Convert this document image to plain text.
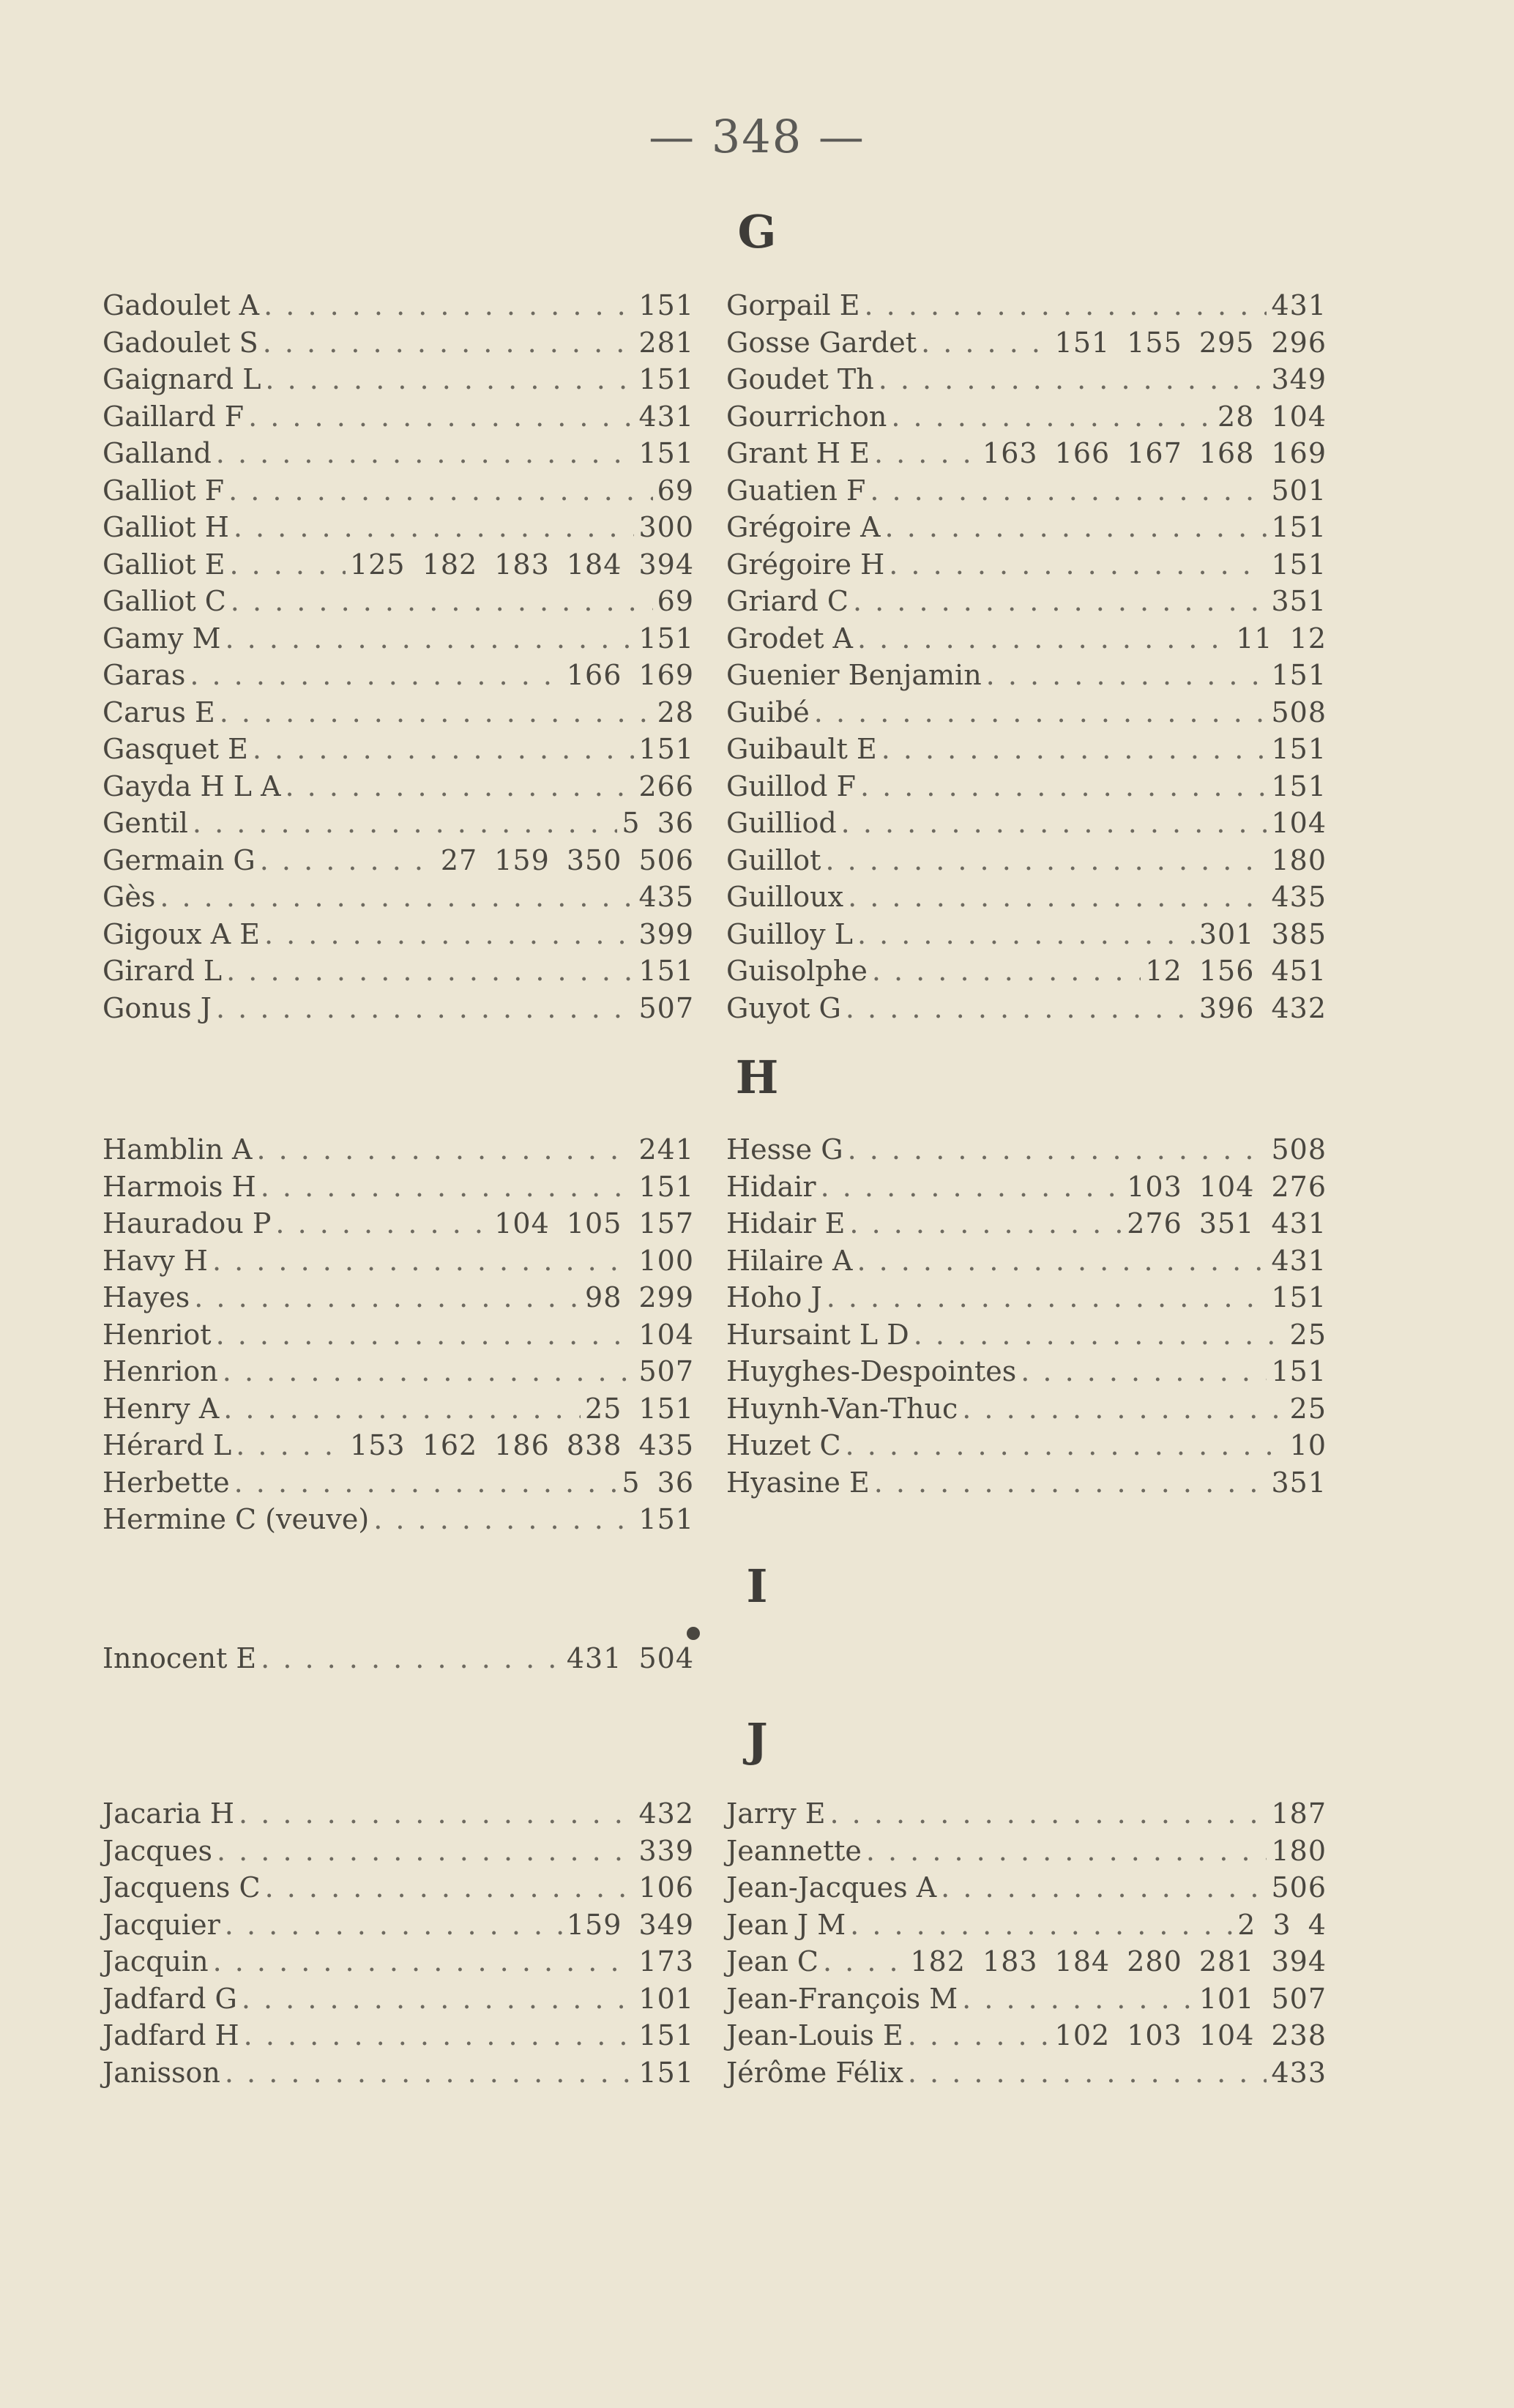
— 348 —
G
Gadoulet A . . .	151
Gadoulet S . . .	281
Gaignard L . . .	151
Gaillard F . . .	431
Galland . . .	151
Galliot F . . .	69
Galliot H . . .	300
Galliot E . . .	125 182 183 184 394
Galliot C . . .	69
Gamy M . . .	151
Garas . . .	166 169
Carus E . . .	28
Gasquet E . . .	151
Gayda H L A . . .	266
Gentil . . .	5 36
Germain G . . .	27 159 350 506
Gès . . .	435
Gigoux A E . . .	399
Girard L . . .	151
Gonus J . . .	507
Gorpail E . . .	431
Gosse Gardet . . .	151 155 295 296
Goudet Th . . .	349
Gourrichon . . .	28 104
Grant H E . . .	163 166 167 168 169
Guatien F . . .	501
Grégoire A . . .	151
Grégoire H . . .	151
Griard C . . .	351
Grodet A . . .	11 12
Guenier Benjamin . . .	151
Guibé . . .	508
Guibault E . . .	151
Guillod F . . .	151
Guilliod . . .	104
Guillot . . .	180
Guilloux . . .	435
Guilloy L . . .	301 385
Guisolphe . . .	12 156 451
Guyot G . . .	396 432
H
Hamblin A . . .	241
Harmois H . . .	151
Hauradou P . . .	104 105 157
Havy H . . .	100
Hayes . . .	98 299
Henriot . . .	104
Henrion . . .	507
Henry A . . .	25 151
Hérard L . . .	153 162 186 838 435
Herbette . . .	5 36
Hermine C (veuve) . . .	151
Hesse G . . .	508
Hidair . . .	103 104 276
Hidair E . . .	276 351 431
Hilaire A . . .	431
Hoho J . . .	151
Hursaint L D . . .	25
Huyghes-Despointes . . .	151
Huynh-Van-Thuc . . .	25
Huzet C . . .	10
Hyasine E . . .	351
I
Innocent E . . .	431 504
J
Jacaria H . . .	432
Jacques . . .	339
Jacquens C . . .	106
Jacquier . . .	159 349
Jacquin . . .	173
Jadfard G . . .	101
Jadfard H . . .	151
Janisson . . .	151
Jarry E . . .	187
Jeannette . . .	180
Jean-Jacques A . . .	506
Jean J M . . .	2 3 4
Jean C . . .	182 183 184 280 281 394
Jean-François M . . .	101 507
Jean-Louis E . . .	102 103 104 238
Jérôme Félix . . .	433
